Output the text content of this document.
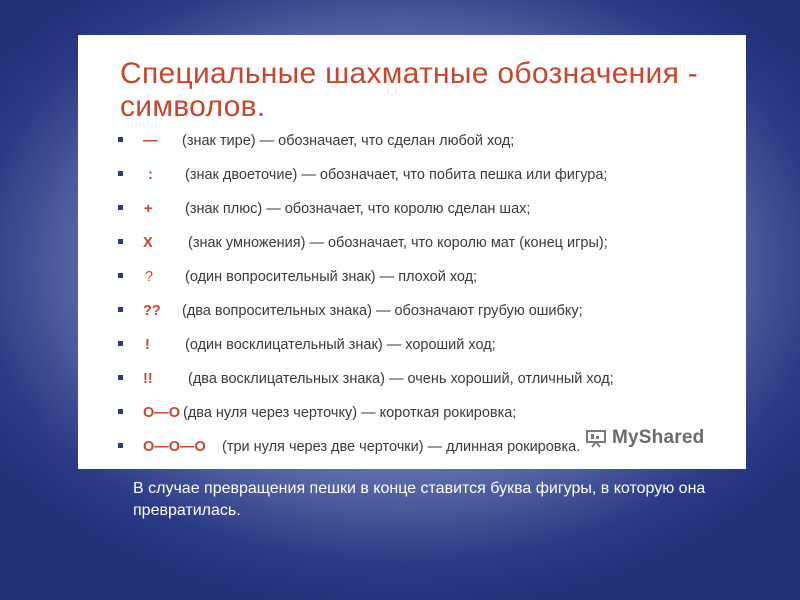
Специальные шахматные обозначения - символов.
— (знак тире) — обозначает, что сделан любой ход;
: (знак двоеточие) — обозначает, что побита пешка или фигура;
+ (знак плюс) — обозначает, что королю сделан шах;
Х (знак умножения) — обозначает, что королю мат (конец игры);
? (один вопросительный знак) — плохой ход;
?? (два вопросительных знака) — обозначают грубую ошибку;
! (один восклицательный знак) — хороший ход;
!! (два восклицательных знака) — очень хороший, отличный ход;
О—О (два нуля через черточку) — короткая рокировка;
О—О—О (три нуля через две черточки) — длинная рокировка. MyShared
В случае превращения пешки в конце ставится буква фигуры, в которую она превратилась.
